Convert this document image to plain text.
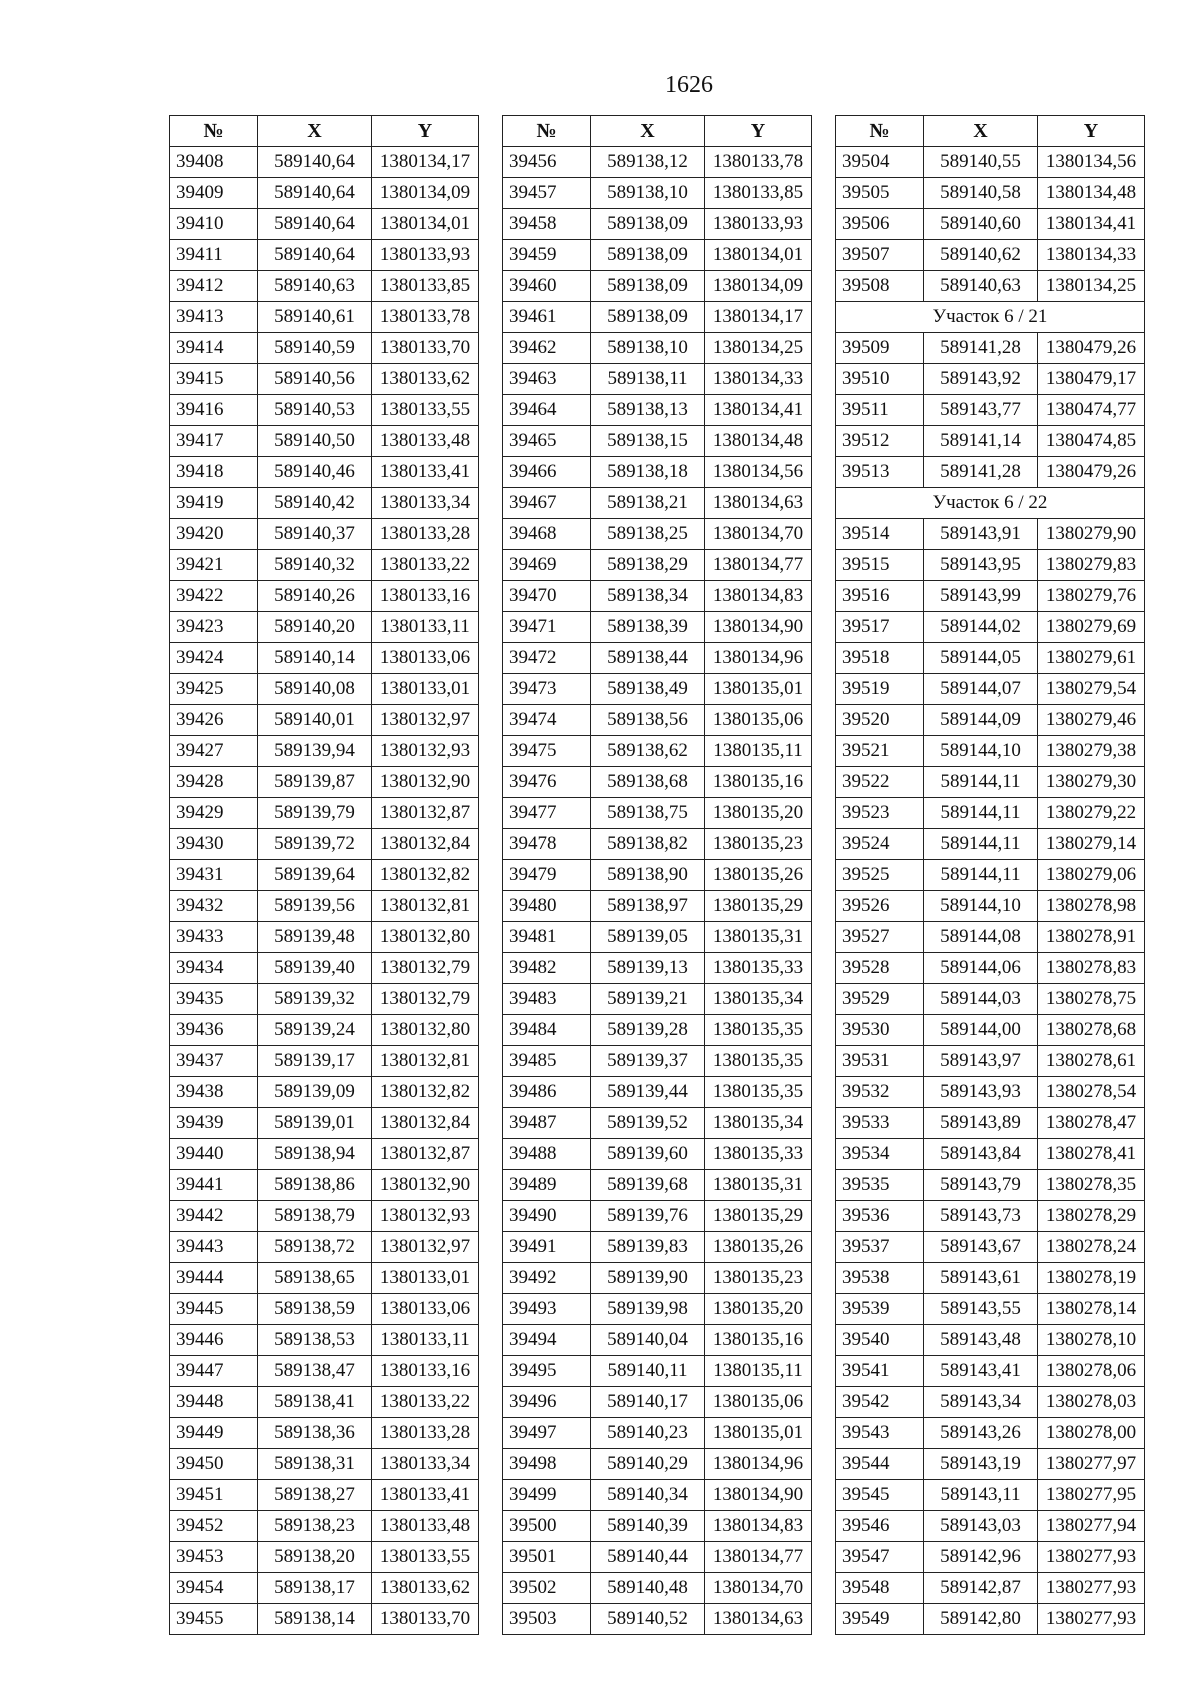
1626
№	X	Y
39408	589140,64	1380134,17
39409	589140,64	1380134,09
39410	589140,64	1380134,01
39411	589140,64	1380133,93
39412	589140,63	1380133,85
39413	589140,61	1380133,78
39414	589140,59	1380133,70
39415	589140,56	1380133,62
39416	589140,53	1380133,55
39417	589140,50	1380133,48
39418	589140,46	1380133,41
39419	589140,42	1380133,34
39420	589140,37	1380133,28
39421	589140,32	1380133,22
39422	589140,26	1380133,16
39423	589140,20	1380133,11
39424	589140,14	1380133,06
39425	589140,08	1380133,01
39426	589140,01	1380132,97
39427	589139,94	1380132,93
39428	589139,87	1380132,90
39429	589139,79	1380132,87
39430	589139,72	1380132,84
39431	589139,64	1380132,82
39432	589139,56	1380132,81
39433	589139,48	1380132,80
39434	589139,40	1380132,79
39435	589139,32	1380132,79
39436	589139,24	1380132,80
39437	589139,17	1380132,81
39438	589139,09	1380132,82
39439	589139,01	1380132,84
39440	589138,94	1380132,87
39441	589138,86	1380132,90
39442	589138,79	1380132,93
39443	589138,72	1380132,97
39444	589138,65	1380133,01
39445	589138,59	1380133,06
39446	589138,53	1380133,11
39447	589138,47	1380133,16
39448	589138,41	1380133,22
39449	589138,36	1380133,28
39450	589138,31	1380133,34
39451	589138,27	1380133,41
39452	589138,23	1380133,48
39453	589138,20	1380133,55
39454	589138,17	1380133,62
39455	589138,14	1380133,70
№	X	Y
39456	589138,12	1380133,78
39457	589138,10	1380133,85
39458	589138,09	1380133,93
39459	589138,09	1380134,01
39460	589138,09	1380134,09
39461	589138,09	1380134,17
39462	589138,10	1380134,25
39463	589138,11	1380134,33
39464	589138,13	1380134,41
39465	589138,15	1380134,48
39466	589138,18	1380134,56
39467	589138,21	1380134,63
39468	589138,25	1380134,70
39469	589138,29	1380134,77
39470	589138,34	1380134,83
39471	589138,39	1380134,90
39472	589138,44	1380134,96
39473	589138,49	1380135,01
39474	589138,56	1380135,06
39475	589138,62	1380135,11
39476	589138,68	1380135,16
39477	589138,75	1380135,20
39478	589138,82	1380135,23
39479	589138,90	1380135,26
39480	589138,97	1380135,29
39481	589139,05	1380135,31
39482	589139,13	1380135,33
39483	589139,21	1380135,34
39484	589139,28	1380135,35
39485	589139,37	1380135,35
39486	589139,44	1380135,35
39487	589139,52	1380135,34
39488	589139,60	1380135,33
39489	589139,68	1380135,31
39490	589139,76	1380135,29
39491	589139,83	1380135,26
39492	589139,90	1380135,23
39493	589139,98	1380135,20
39494	589140,04	1380135,16
39495	589140,11	1380135,11
39496	589140,17	1380135,06
39497	589140,23	1380135,01
39498	589140,29	1380134,96
39499	589140,34	1380134,90
39500	589140,39	1380134,83
39501	589140,44	1380134,77
39502	589140,48	1380134,70
39503	589140,52	1380134,63
№	X	Y
39504	589140,55	1380134,56
39505	589140,58	1380134,48
39506	589140,60	1380134,41
39507	589140,62	1380134,33
39508	589140,63	1380134,25
Участок 6 / 21		
39509	589141,28	1380479,26
39510	589143,92	1380479,17
39511	589143,77	1380474,77
39512	589141,14	1380474,85
39513	589141,28	1380479,26
Участок 6 / 22		
39514	589143,91	1380279,90
39515	589143,95	1380279,83
39516	589143,99	1380279,76
39517	589144,02	1380279,69
39518	589144,05	1380279,61
39519	589144,07	1380279,54
39520	589144,09	1380279,46
39521	589144,10	1380279,38
39522	589144,11	1380279,30
39523	589144,11	1380279,22
39524	589144,11	1380279,14
39525	589144,11	1380279,06
39526	589144,10	1380278,98
39527	589144,08	1380278,91
39528	589144,06	1380278,83
39529	589144,03	1380278,75
39530	589144,00	1380278,68
39531	589143,97	1380278,61
39532	589143,93	1380278,54
39533	589143,89	1380278,47
39534	589143,84	1380278,41
39535	589143,79	1380278,35
39536	589143,73	1380278,29
39537	589143,67	1380278,24
39538	589143,61	1380278,19
39539	589143,55	1380278,14
39540	589143,48	1380278,10
39541	589143,41	1380278,06
39542	589143,34	1380278,03
39543	589143,26	1380278,00
39544	589143,19	1380277,97
39545	589143,11	1380277,95
39546	589143,03	1380277,94
39547	589142,96	1380277,93
39548	589142,87	1380277,93
39549	589142,80	1380277,93
